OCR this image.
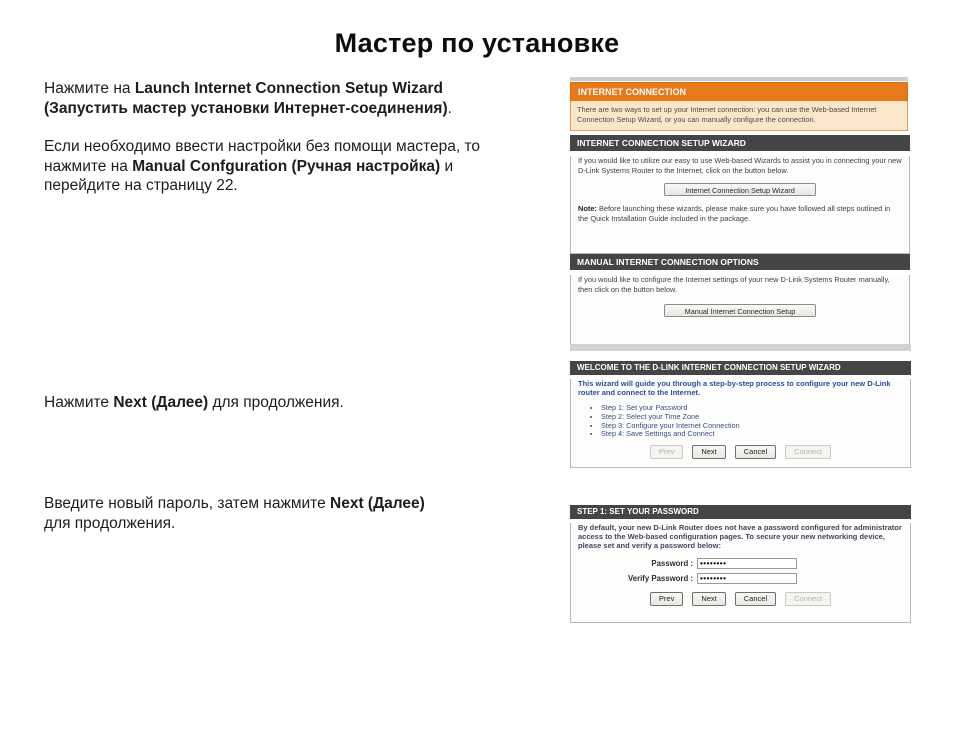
Мастер по установке

Нажмите на Launch Internet Connection Setup Wizard
(Запустить мастер установки Интернет-соединения).

Если необходимо ввести настройки без помощи мастера, то
нажмите на Manual Confguration (Ручная настройка) и
перейдите на страницу 22.

Нажмите Next (Далее) для продолжения.

Введите новый пароль, затем нажмите Next (Далее)
для продолжения.

INTERNET CONNECTION
There are two ways to set up your Internet connection: you can use the Web-based Internet Connection Setup Wizard, or you can manually configure the connection.
INTERNET CONNECTION SETUP WIZARD

If you would like to utilize our easy to use Web-based Wizards to assist you in connecting your new D-Link Systems Router to the Internet, click on the button below.

Internet Connection Setup Wizard

Note: Before launching these wizards, please make sure you have followed all steps outlined in the Quick Installation Guide included in the package.

MANUAL INTERNET CONNECTION OPTIONS

If you would like to configure the Internet settings of your new D-Link Systems Router manually, then click on the button below.

Manual Internet Connection Setup
WELCOME TO THE D-LINK INTERNET CONNECTION SETUP WIZARD

This wizard will guide you through a step-by-step process to configure your new D-Link router and connect to the Internet.

• Step 1: Set your Password
• Step 2: Select your Time Zone
• Step 3: Configure your Internet Connection
• Step 4: Save Settings and Connect
Prev	Next	Cancel	Connect
STEP 1: SET YOUR PASSWORD

By default, your new D-Link Router does not have a password configured for administrator access to the Web-based configuration pages. To secure your new networking device, please set and verify a password below:

Password :
••••••••
Verify Password :
••••••••
Prev	Next	Cancel	Connect
